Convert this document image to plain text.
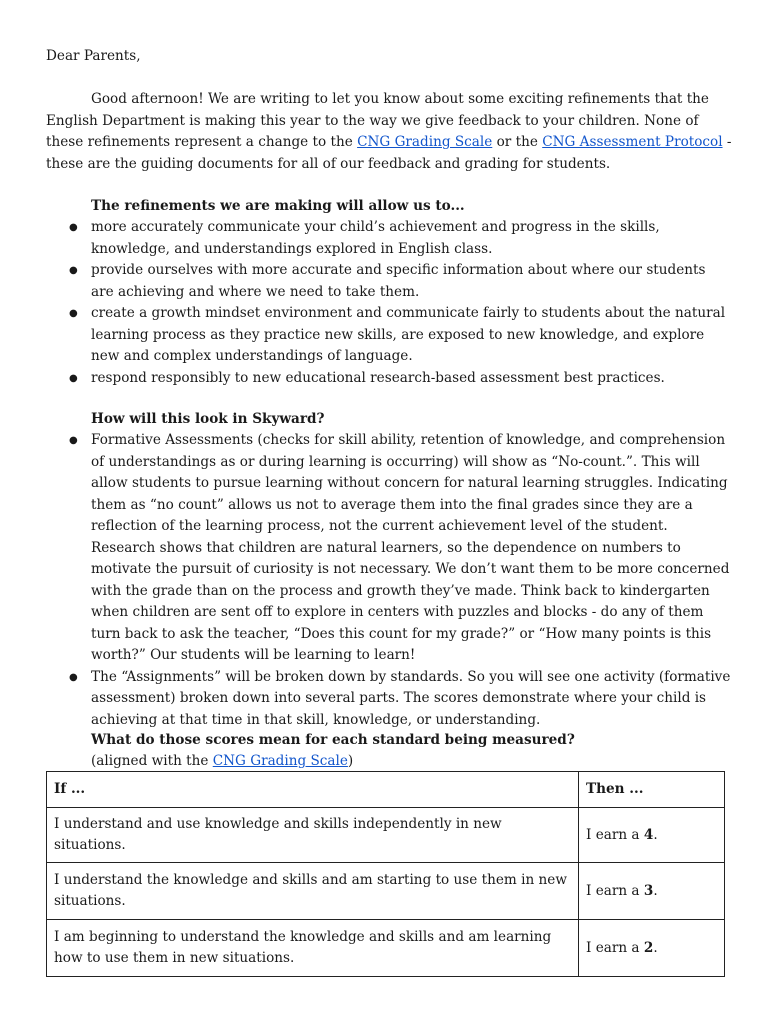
Dear Parents,

Good afternoon! We are writing to let you know about some exciting refinements that the English Department is making this year to the way we give feedback to your children. None of these refinements represent a change to the CNG Grading Scale or the CNG Assessment Protocol - these are the guiding documents for all of our feedback and grading for students.

The refinements we are making will allow us to...

● more accurately communicate your child’s achievement and progress in the skills, knowledge, and understandings explored in English class.
● provide ourselves with more accurate and specific information about where our students are achieving and where we need to take them.
● create a growth mindset environment and communicate fairly to students about the natural learning process as they practice new skills, are exposed to new knowledge, and explore new and complex understandings of language.
● respond responsibly to new educational research-based assessment best practices.

How will this look in Skyward?

● Formative Assessments (checks for skill ability, retention of knowledge, and comprehension of understandings as or during learning is occurring) will show as “No-count.”. This will allow students to pursue learning without concern for natural learning struggles. Indicating them as “no count” allows us not to average them into the final grades since they are a reflection of the learning process, not the current achievement level of the student. Research shows that children are natural learners, so the dependence on numbers to motivate the pursuit of curiosity is not necessary. We don’t want them to be more concerned with the grade than on the process and growth they’ve made. Think back to kindergarten when children are sent off to explore in centers with puzzles and blocks - do any of them turn back to ask the teacher, “Does this count for my grade?” or “How many points is this worth?” Our students will be learning to learn!
● The “Assignments” will be broken down by standards. So you will see one activity (formative assessment) broken down into several parts. The scores demonstrate where your child is achieving at that time in that skill, knowledge, or understanding.

What do those scores mean for each standard being measured?

(aligned with the CNG Grading Scale)

If ...	Then ...
I understand and use knowledge and skills independently in new situations.	I earn a 4.
I understand the knowledge and skills and am starting to use them in new situations.	I earn a 3.
I am beginning to understand the knowledge and skills and am learning how to use them in new situations.	I earn a 2.
